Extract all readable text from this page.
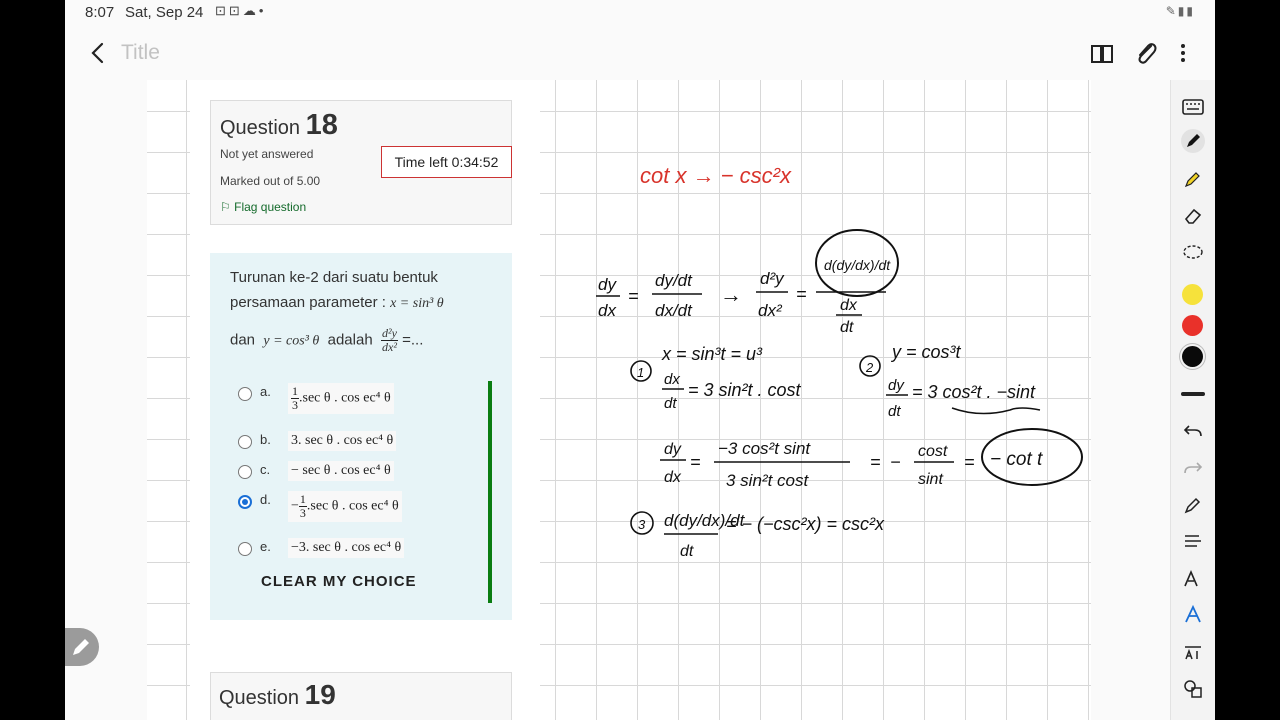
8:07 Sat, Sep 24 ⊡⊡☁•	✎▮▮
Title
Question 18
Not yet answered
Marked out of 5.00
⚐ Flag question
Time left 0:34:52
Turunan ke-2 dari suatu bentuk
persamaan parameter : x = sin³ θ
dan y = cos³ θ adalah $\frac{\text{d²y}}{\text{dx²}}$ =...
a. $\frac{1}{3} .\sec$ θ . cos ec⁴ θ
b. 3. sec θ . cos ec⁴ θ
c. − sec θ . cos ec⁴ θ
d. − $\frac{1}{3} .\sec$ θ . cos ec⁴ θ
e. −3. sec θ . cos ec⁴ θ
CLEAR MY CHOICE
Question 19
cot x → − csc²x
dy
dx
=
dy/dt
dx/dt
→
d²y
dx²
=
d(dy/dx)/dt
dx
dt
1
x = sin³t = u³
dx
dt
= 3 sin²t . cost
2
y = cos³t
dy
dt
= 3 cos²t . −sint
dy
dx
=
−3 cos²t sint
3 sin²t cost
= −
cost
sint
= − cot t
3 d(dy/dx)/dt
dt
= − (−csc²x) = csc²x
